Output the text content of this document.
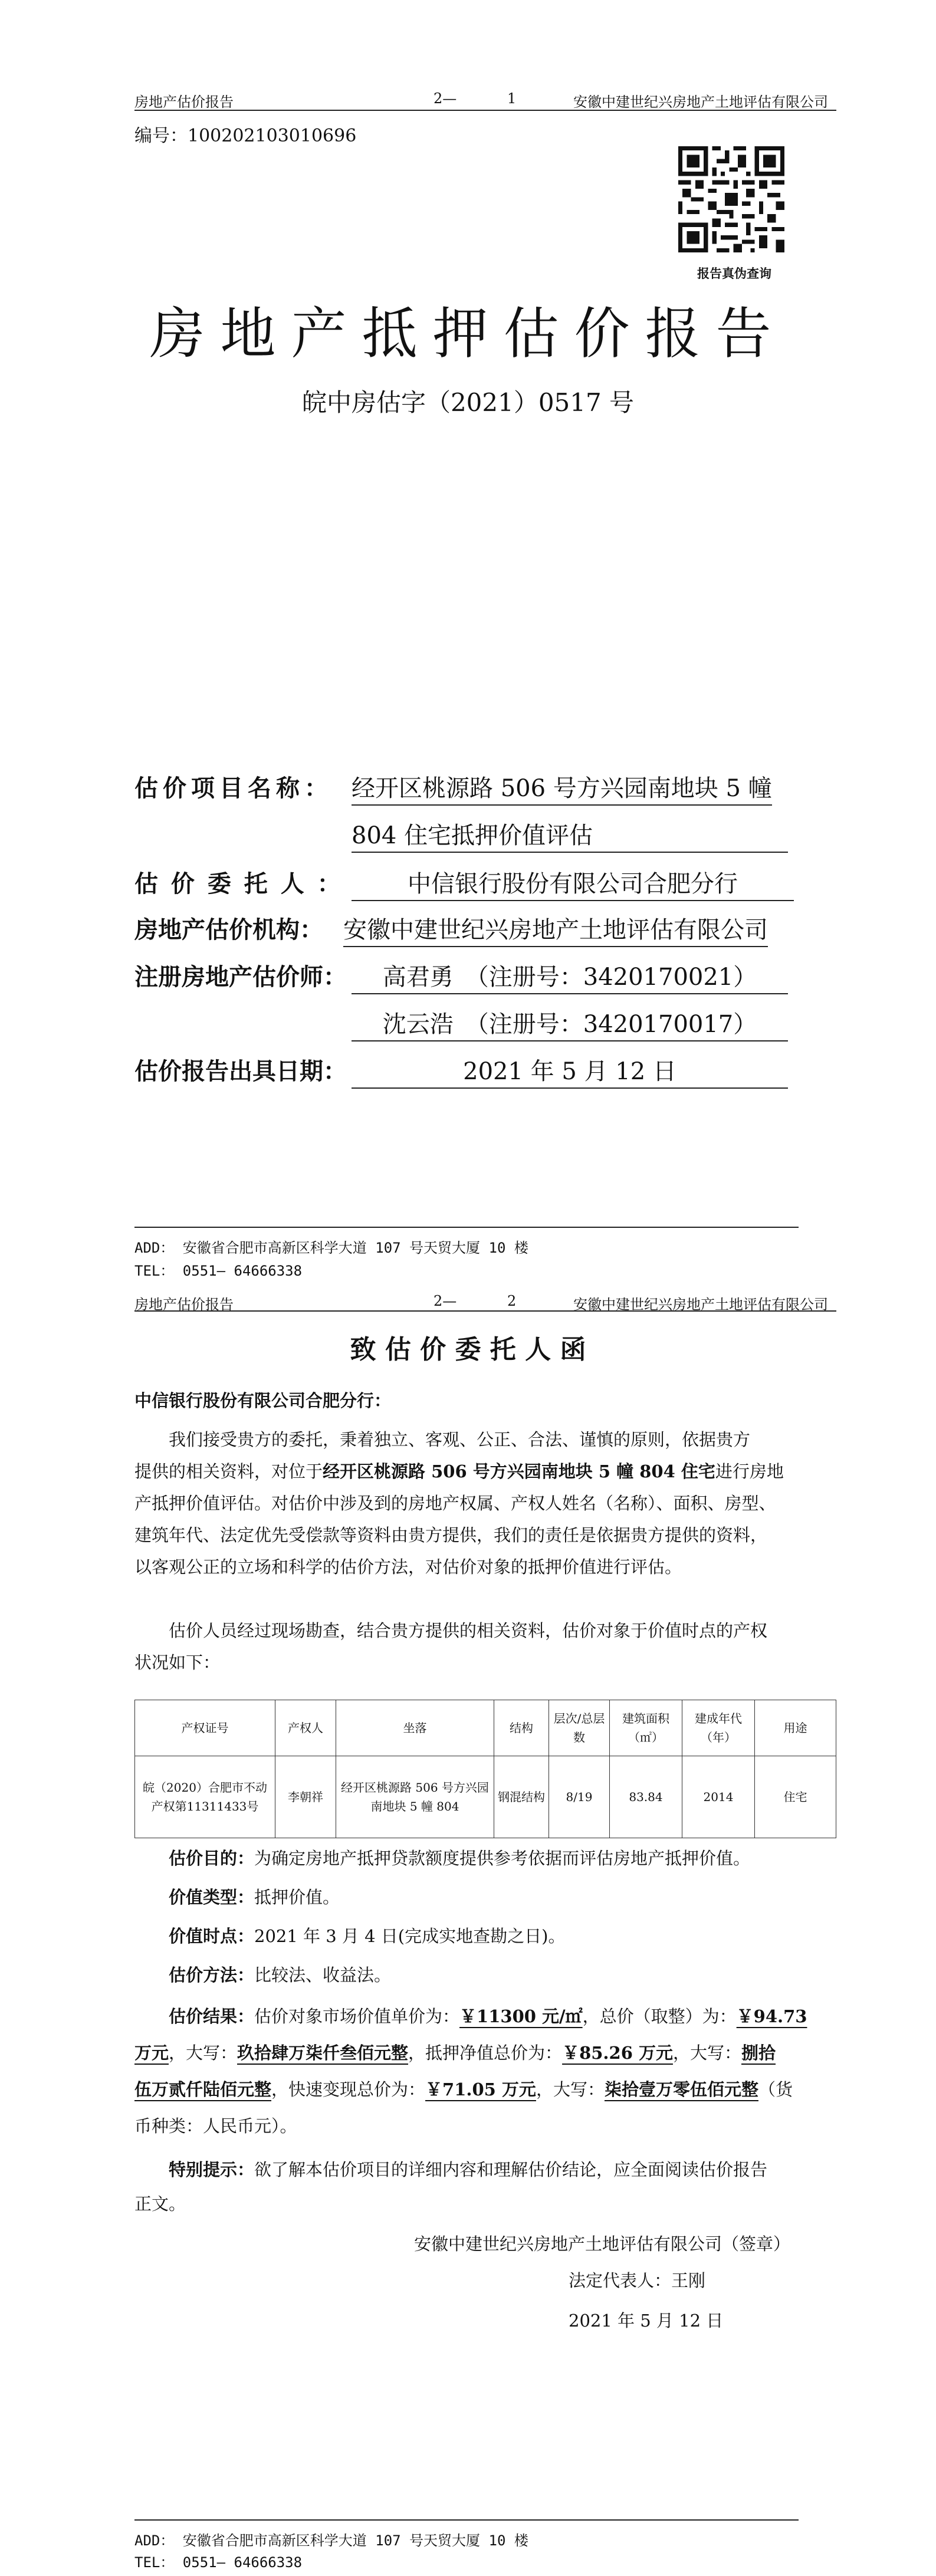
房地产估价报告	2—	1	安徽中建世纪兴房地产土地评估有限公司
编号：100202103010696
报告真伪查询
房地产抵押估价报告
皖中房估字（2021）0517 号
估价项目名称： 经开区桃源路 506 号方兴园南地块 5 幢
804 住宅抵押价值评估
估 价 委 托 人 ：	中信银行股份有限公司合肥分行
房地产估价机构： 安徽中建世纪兴房地产土地评估有限公司
注册房地产估价师：	高君勇　（注册号：3420170021）
沈云浩　（注册号：3420170017）
估价报告出具日期：	2021 年 5 月 12 日
ADD： 安徽省合肥市高新区科学大道 107 号天贸大厦 10 楼
TEL： 0551— 64666338
房地产估价报告	2—	2	安徽中建世纪兴房地产土地评估有限公司
致 估 价 委 托 人 函
中信银行股份有限公司合肥分行：
我们接受贵方的委托，秉着独立、客观、公正、合法、谨慎的原则，依据贵方
提供的相关资料，对位于经开区桃源路 506 号方兴园南地块 5 幢 804 住宅进行房地
产抵押价值评估。对估价中涉及到的房地产权属、产权人姓名（名称）、面积、房型、
建筑年代、法定优先受偿款等资料由贵方提供，我们的责任是依据贵方提供的资料，
以客观公正的立场和科学的估价方法，对估价对象的抵押价值进行评估。
估价人员经过现场勘查，结合贵方提供的相关资料，估价对象于价值时点的产权
状况如下：
产权证号	产权人	坐落	结构	层次/总层数	建筑面积（㎡）	建成年代（年）	用途
皖（2020）合肥市不动产权第11311433号	李朝祥	经开区桃源路 506 号方兴园南地块 5 幢 804	钢混结构	8/19	83.84	2014	住宅
估价目的：为确定房地产抵押贷款额度提供参考依据而评估房地产抵押价值。
价值类型：抵押价值。
价值时点：2021 年 3 月 4 日(完成实地查勘之日)。
估价方法：比较法、收益法。
估价结果：估价对象市场价值单价为：￥11300 元/㎡，总价（取整）为：￥94.73
万元，大写：玖拾肆万柒仟叁佰元整，抵押净值总价为：￥85.26 万元，大写：捌拾
伍万贰仟陆佰元整，快速变现总价为：￥71.05 万元，大写：柒拾壹万零伍佰元整（货
币种类：人民币元）。
特别提示：欲了解本估价项目的详细内容和理解估价结论，应全面阅读估价报告
正文。
安徽中建世纪兴房地产土地评估有限公司（签章）
法定代表人：王刚
2021 年 5 月 12 日
ADD： 安徽省合肥市高新区科学大道 107 号天贸大厦 10 楼
TEL： 0551— 64666338
